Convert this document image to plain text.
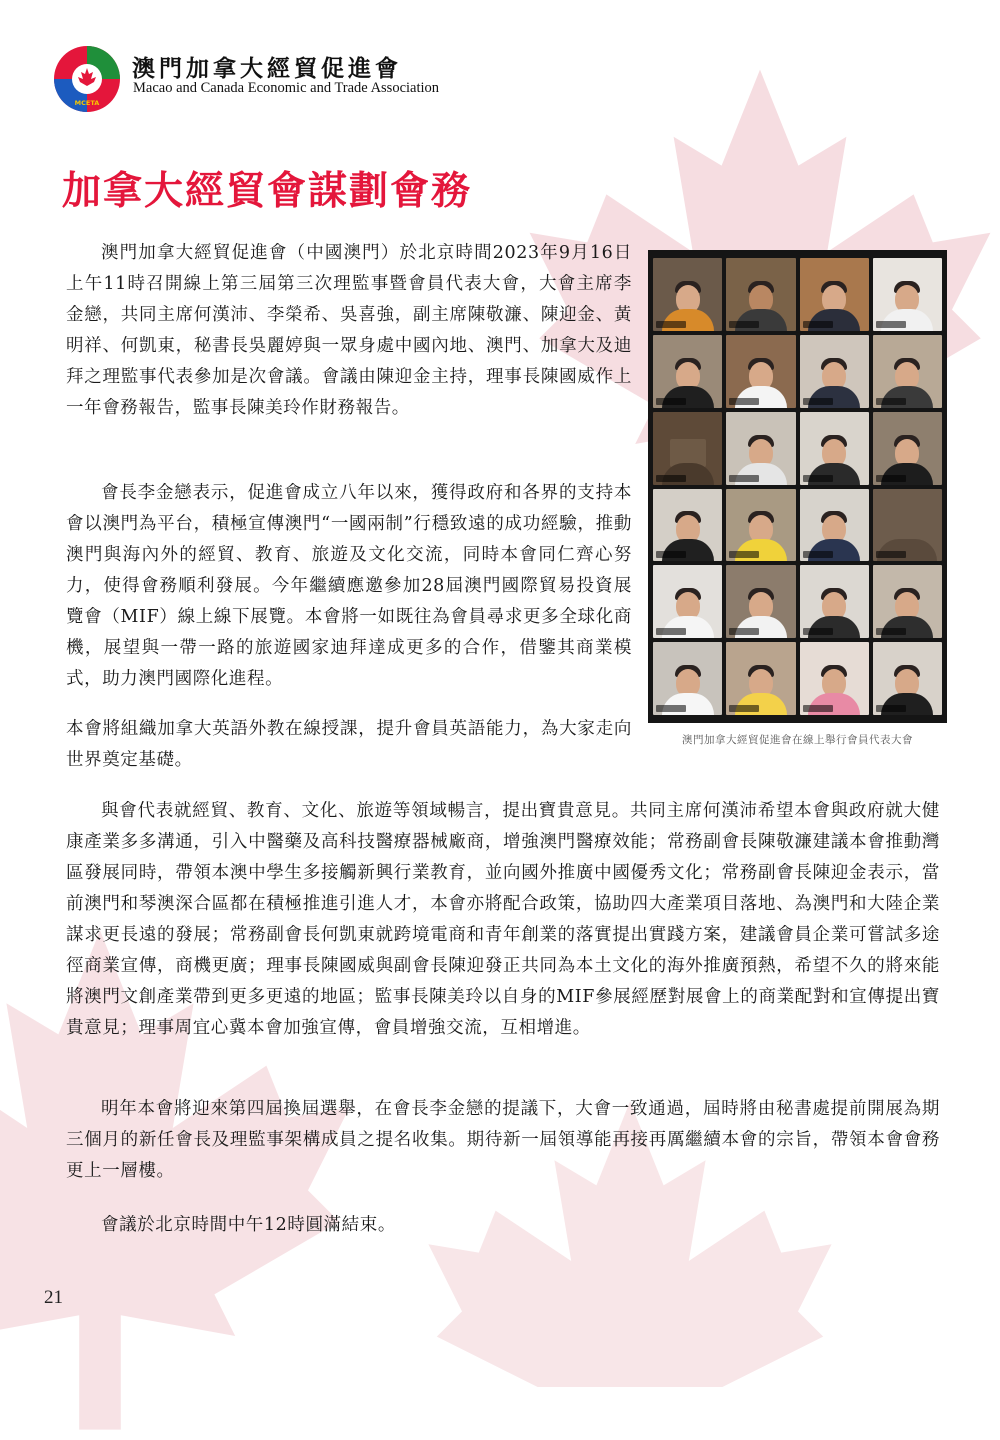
MCETA
澳門加拿大經貿促進會
Macao and Canada Economic and Trade Association
加拿大經貿會謀劃會務

澳門加拿大經貿促進會（中國澳門）於北京時間2023年9月16日上午11時召開線上第三屆第三次理監事暨會員代表大會，大會主席李金戀，共同主席何漢沛、李榮希、吳喜強，副主席陳敬濂、陳迎金、黃明祥、何凱東，秘書長吳麗婷與一眾身處中國內地、澳門、加拿大及迪拜之理監事代表參加是次會議。會議由陳迎金主持，理事長陳國威作上一年會務報告，監事長陳美玲作財務報告。

會長李金戀表示，促進會成立八年以來，獲得政府和各界的支持本會以澳門為平台，積極宣傳澳門“一國兩制”行穩致遠的成功經驗，推動澳門與海內外的經貿、教育、旅遊及文化交流，同時本會同仁齊心努力，使得會務順利發展。今年繼續應邀參加28屆澳門國際貿易投資展覽會（MIF）線上線下展覽。本會將一如既往為會員尋求更多全球化商機，展望與一帶一路的旅遊國家迪拜達成更多的合作，借鑒其商業模式，助力澳門國際化進程。

本會將組織加拿大英語外教在線授課，提升會員英語能力，為大家走向世界奠定基礎。

與會代表就經貿、教育、文化、旅遊等領域暢言，提出寶貴意見。共同主席何漢沛希望本會與政府就大健康產業多多溝通，引入中醫藥及高科技醫療器械廠商，增強澳門醫療效能；常務副會長陳敬濂建議本會推動灣區發展同時，帶領本澳中學生多接觸新興行業教育，並向國外推廣中國優秀文化；常務副會長陳迎金表示，當前澳門和琴澳深合區都在積極推進引進人才，本會亦將配合政策，協助四大產業項目落地、為澳門和大陸企業謀求更長遠的發展；常務副會長何凱東就跨境電商和青年創業的落實提出實踐方案，建議會員企業可嘗試多途徑商業宣傳，商機更廣；理事長陳國威與副會長陳迎發正共同為本土文化的海外推廣預熱，希望不久的將來能將澳門文創產業帶到更多更遠的地區；監事長陳美玲以自身的MIF參展經歷對展會上的商業配對和宣傳提出寶貴意見；理事周宜心冀本會加強宣傳，會員增強交流，互相增進。

明年本會將迎來第四屆換屆選舉，在會長李金戀的提議下，大會一致通過，屆時將由秘書處提前開展為期三個月的新任會長及理監事架構成員之提名收集。期待新一屆領導能再接再厲繼續本會的宗旨，帶領本會會務更上一層樓。

會議於北京時間中午12時圓滿結束。

澳門加拿大經貿促進會在線上舉行會員代表大會
21
